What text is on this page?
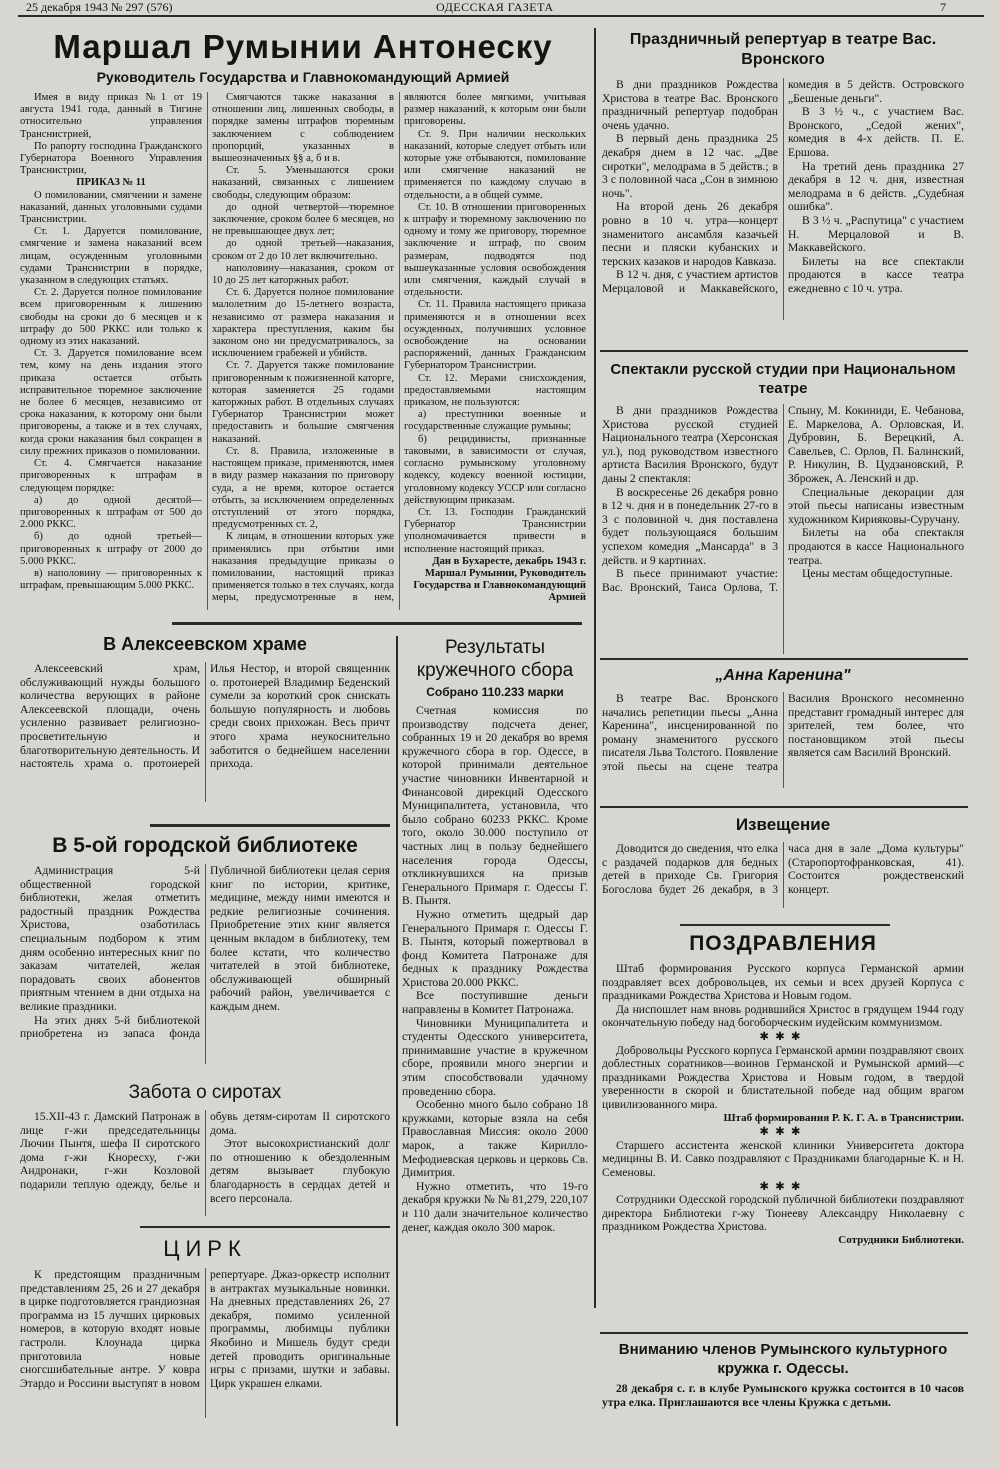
25 декабря 1943 № 297 (576)	ОДЕССКАЯ ГАЗЕТА	7
Маршал Румынии Антонеску
Руководитель Государства и Главнокомандующий Армией

Имея в виду приказ №1 от 19 августа 1941 года, данный в Тигине относительно управления Транснистрией,

По рапорту господина Гражданского Губернатора Военного Управления Транснистрии,

ПРИКАЗ № 11

О помиловании, смягчении и замене наказаний, данных уголовными судами Транснистрии.

Ст. 1. Даруется помилование, смягчение и замена наказаний всем лицам, осужденным уголовными судами Транснистрии в порядке, указанном в следующих статьях.

Ст. 2. Даруется полное помилование всем приговоренным к лишению свободы на сроки до 6 месяцев и к штрафу до 500 РККС или только к одному из этих наказаний.

Ст. 3. Даруется помилование всем тем, кому на день издания этого приказа остается отбыть исправительное тюремное заключение не более 6 месяцев, независимо от срока наказания, к которому они были приговорены, а также и в тех случаях, когда сроки наказания был сокращен в силу прежних приказов о помиловании.

Ст. 4. Смягчается наказание приговоренных к штрафам в следующем порядке:

а) до одной десятой—приговоренных к штрафам от 500 до 2.000 РККС.

б) до одной третьей—приговоренных к штрафу от 2000 до 5.000 РККС.

в) наполовину — приговоренных к штрафам, превышающим 5.000 РККС.

Смягчаются также наказания в отношении лиц, лишенных свободы, в порядке замены штрафов тюремным заключением с соблюдением пропорций, указанных в вышеозначенных §§ а, б и в.

Ст. 5. Уменьшаются сроки наказаний, связанных с лишением свободы, следующим образом:

до одной четвертой—тюремное заключение, сроком более 6 месяцев, но не превышающее двух лет;

до одной третьей—наказания, сроком от 2 до 10 лет включительно.

наполовину—наказания, сроком от 10 до 25 лет каторжных работ.

Ст. 6. Даруется полное помилование малолетним до 15-летнего возраста, независимо от размера наказания и характера преступления, каким бы законом оно ни предусматривалось, за исключением грабежей и убийств.

Ст. 7. Даруется также помилование приговоренным к пожизненной каторге, которая заменяется 25 годами каторжных работ. В отдельных случаях Губернатор Транснистрии может предоставить и большие смягчения наказаний.

Ст. 8. Правила, изложенные в настоящем приказе, применяются, имея в виду размер наказания по приговору суда, а не время, которое остается отбыть, за исключением определенных отступлений от этого порядка, предусмотренных ст. 2,

К лицам, в отношении которых уже применялись при отбытии ими наказания предыдущие приказы о помиловании, настоящий приказ применяется только в тех случаях, когда меры, предусмотренные в нем, являются более мягкими, учитывая размер наказаний, к которым они были приговорены.

Ст. 9. При наличии нескольких наказаний, которые следует отбыть или которые уже отбываются, помилование или смягчение наказаний не применяется по каждому случаю в отдельности, а в общей сумме.

Ст. 10. В отношении приговоренных к штрафу и тюремному заключению по одному и тому же приговору, тюремное заключение и штраф, по своим размерам, подводятся под вышеуказанные условия освобождения или смягчения, каждый случай в отдельности.

Ст. 11. Правила настоящего приказа применяются и в отношении всех осужденных, получивших условное освобождение на основании распоряжений, данных Гражданским Губернатором Транснистрии.

Ст. 12. Мерами снисхождения, предоставляемыми настоящим приказом, не пользуются:

а) преступники военные и государственные служащие румыны;

б) рецидивисты, признанные таковыми, в зависимости от случая, согласно румынскому уголовному кодексу, кодексу военной юстиции, уголовному кодексу УССР или согласно действующим приказам.

Ст. 13. Господин Гражданский Губернатор Транснистрии уполномачивается привести в исполнение настоящий приказ.

Дан в Бухаресте, декабрь 1943 г.

Маршал Румынии, Руководитель Государства и Главнокомандующий Армией

Праздничный репертуар в театре Вас. Вронского

В дни праздников Рождества Христова в театре Вас. Вронского праздничный репертуар подобран очень удачно.

В первый день праздника 25 декабря днем в 12 час. „Две сиротки", мелодрама в 5 действ.; в 3 с половиной часа „Сон в зимнюю ночь".

На второй день 26 декабря ровно в 10 ч. утра—концерт знаменитого ансамбля казачьей песни и пляски кубанских и терских казаков и народов Кавказа.

В 12 ч. дня, с участием артистов Мерцаловой и Маккавейского, комедия в 5 действ. Островского „Бешеные деньги".

В 3 ½ ч., с участием Вас. Вронского, „Седой жених", комедия в 4-х действ. П. Е. Ершова.

На третий день праздника 27 декабря в 12 ч. дня, известная мелодрама в 6 действ. „Судебная ошибка".

В 3 ½ ч. „Распутица" с участием Н. Мерцаловой и В. Маккавейского.

Билеты на все спектакли продаются в кассе театра ежедневно с 10 ч. утра.

Спектакли русской студии при Национальном театре

В дни праздников Рождества Христова русской студией Национального театра (Херсонская ул.), под руководством известного артиста Василия Вронского, будут даны 2 спектакля:

В воскресенье 26 декабря ровно в 12 ч. дня и в понедельник 27-го в 3 с половиной ч. дня поставлена будет пользующаяся большим успехом комедия „Мансарда" в 3 действ. и 9 картинах.

В пьесе принимают участие: Вас. Вронский, Таиса Орлова, Т. Спыну, М. Кокиниди, Е. Чебанова, Е. Маркелова, А. Орловская, И. Дубровин, Б. Верецкий, А. Савельев, С. Орлов, П. Балинский, Р. Никулин, В. Цудзановский, Р. Зброжек, А. Ленский и др.

Специальные декорации для этой пьесы написаны известным художником Кирияковы-Суручану.

Билеты на оба спектакля продаются в кассе Национального театра.

Цены местам общедоступные.

„Анна Каренина"

В театре Вас. Вронского начались репетиции пьесы „Анна Каренина", инсценированной по роману знаменитого русского писателя Льва Толстого. Появление этой пьесы на сцене театра Василия Вронского несомненно представит громадный интерес для зрителей, тем более, что постановщиком этой пьесы является сам Василий Вронский.

Извещение

Доводится до сведения, что елка с раздачей подарков для бедных детей в приходе Св. Григория Богослова будет 26 декабря, в 3 часа дня в зале „Дома культуры" (Старопортофранковская, 41). Состоится рождественский концерт.

ПОЗДРАВЛЕНИЯ

Штаб формирования Русского корпуса Германской армии поздравляет всех добровольцев, их семьи и всех друзей Корпуса с праздниками Рождества Христова и Новым годом.

Да ниспошлет нам вновь родившийся Христос в грядущем 1944 году окончательную победу над богоборческим иудейским коммунизмом.

✱✱✱

Добровольцы Русского корпуса Германской армии поздравляют своих доблестных соратников—воинов Германской и Румынской армий—с праздниками Рождества Христова и Новым годом, в твердой уверенности в скорой и блистательной победе над общим врагом цивилизованного мира.

Штаб формирования Р. К. Г. А. в Транснистрии.

✱✱✱

Старшего ассистента женской клиники Университета доктора медицины В. И. Савко поздравляют с Праздниками благодарные К. и Н. Семеновы.

✱✱✱

Сотрудники Одесской городской публичной библиотеки поздравляют директора Библиотеки г-жу Тюнееву Александру Николаевну с праздником Рождества Христова.

Сотрудники Библиотеки.

Вниманию членов Румынского культурного кружка г. Одессы.
28 декабря с. г. в клубе Румынского кружка состоится в 10 часов утра елка. Приглашаются все члены Кружка с детьми.
В Алексеевском храме

Алексеевский храм, обслуживающий нужды большого количества верующих в районе Алексеевской площади, очень усиленно развивает религиозно-просветительную и благотворительную деятельность. И настоятель храма о. протоиерей Илья Нестор, и второй священник о. протоиерей Владимир Беденский сумели за короткий срок снискать большую популярность и любовь среди своих прихожан. Весь причт этого храма неукоснительно заботится о беднейшем населении прихода.

В 5-ой городской библиотеке

Администрация 5-й общественной городской библиотеки, желая отметить радостный праздник Рождества Христова, озаботилась специальным подбором к этим дням особенно интересных книг по заказам читателей, желая порадовать своих абонентов приятным чтением в дни отдыха на великие праздники.

На этих днях 5-й библиотекой приобретена из запаса фонда Публичной библиотеки целая серия книг по истории, критике, медицине, между ними имеются и редкие религиозные сочинения. Приобретение этих книг является ценным вкладом в библиотеку, тем более кстати, что количество читателей в этой библиотеке, обслуживающей обширный рабочий район, увеличивается с каждым днем.

Забота о сиротах

15.XII-43 г. Дамский Патронаж в лице г-жи председательницы Лючии Пынтя, шефа II сиротского дома г-жи Кноресху, г-жи Андронаки, г-жи Козловой подарили теплую одежду, белье и обувь детям-сиротам II сиротского дома.

Этот высокохристианский долг по отношению к обездоленным детям вызывает глубокую благодарность в сердцах детей и всего персонала.

ЦИРК

К предстоящим праздничным представлениям 25, 26 и 27 декабря в цирке подготовляется грандиозная программа из 15 лучших цирковых номеров, в которую входят новые гастроли. Клоунада цирка приготовила новые сногсшибательные антре. У ковра Этардо и Россини выступят в новом репертуаре. Джаз-оркестр исполнит в антрактах музыкальные новинки. На дневных представлениях 26, 27 декабря, помимо усиленной программы, любимцы публики Якобино и Мишель будут среди детей проводить оригинальные игры с призами, шутки и забавы. Цирк украшен елками.

Результаты кружечного сбора
Собрано 110.233 марки

Счетная комиссия по производству подсчета денег, собранных 19 и 20 декабря во время кружечного сбора в гор. Одессе, в которой принимали деятельное участие чиновники Инвентарной и Финансовой дирекций Одесского Муниципалитета, установила, что было собрано 60233 РККС. Кроме того, около 30.000 поступило от частных лиц в пользу беднейшего населения города Одессы, откликнувшихся на призыв Генерального Примаря г. Одессы Г. В. Пынтя.

Нужно отметить щедрый дар Генерального Примаря г. Одессы Г. В. Пынтя, который пожертвовал в фонд Комитета Патронаже для бедных к празднику Рождества Христова 20.000 РККС.

Все поступившие деньги направлены в Комитет Патронажа.

Чиновники Муниципалитета и студенты Одесского университета, принимавшие участие в кружечном сборе, проявили много энергии и этим способствовали удачному проведению сбора.

Особенно много было собрано 18 кружками, которые взяла на себя Православная Миссия: около 2000 марок, а также Кирилло-Мефодиевская церковь и церковь Св. Димитрия.

Нужно отметить, что 19-го декабря кружки № № 81,279, 220,107 и 110 дали значительное количество денег, каждая около 300 марок.
